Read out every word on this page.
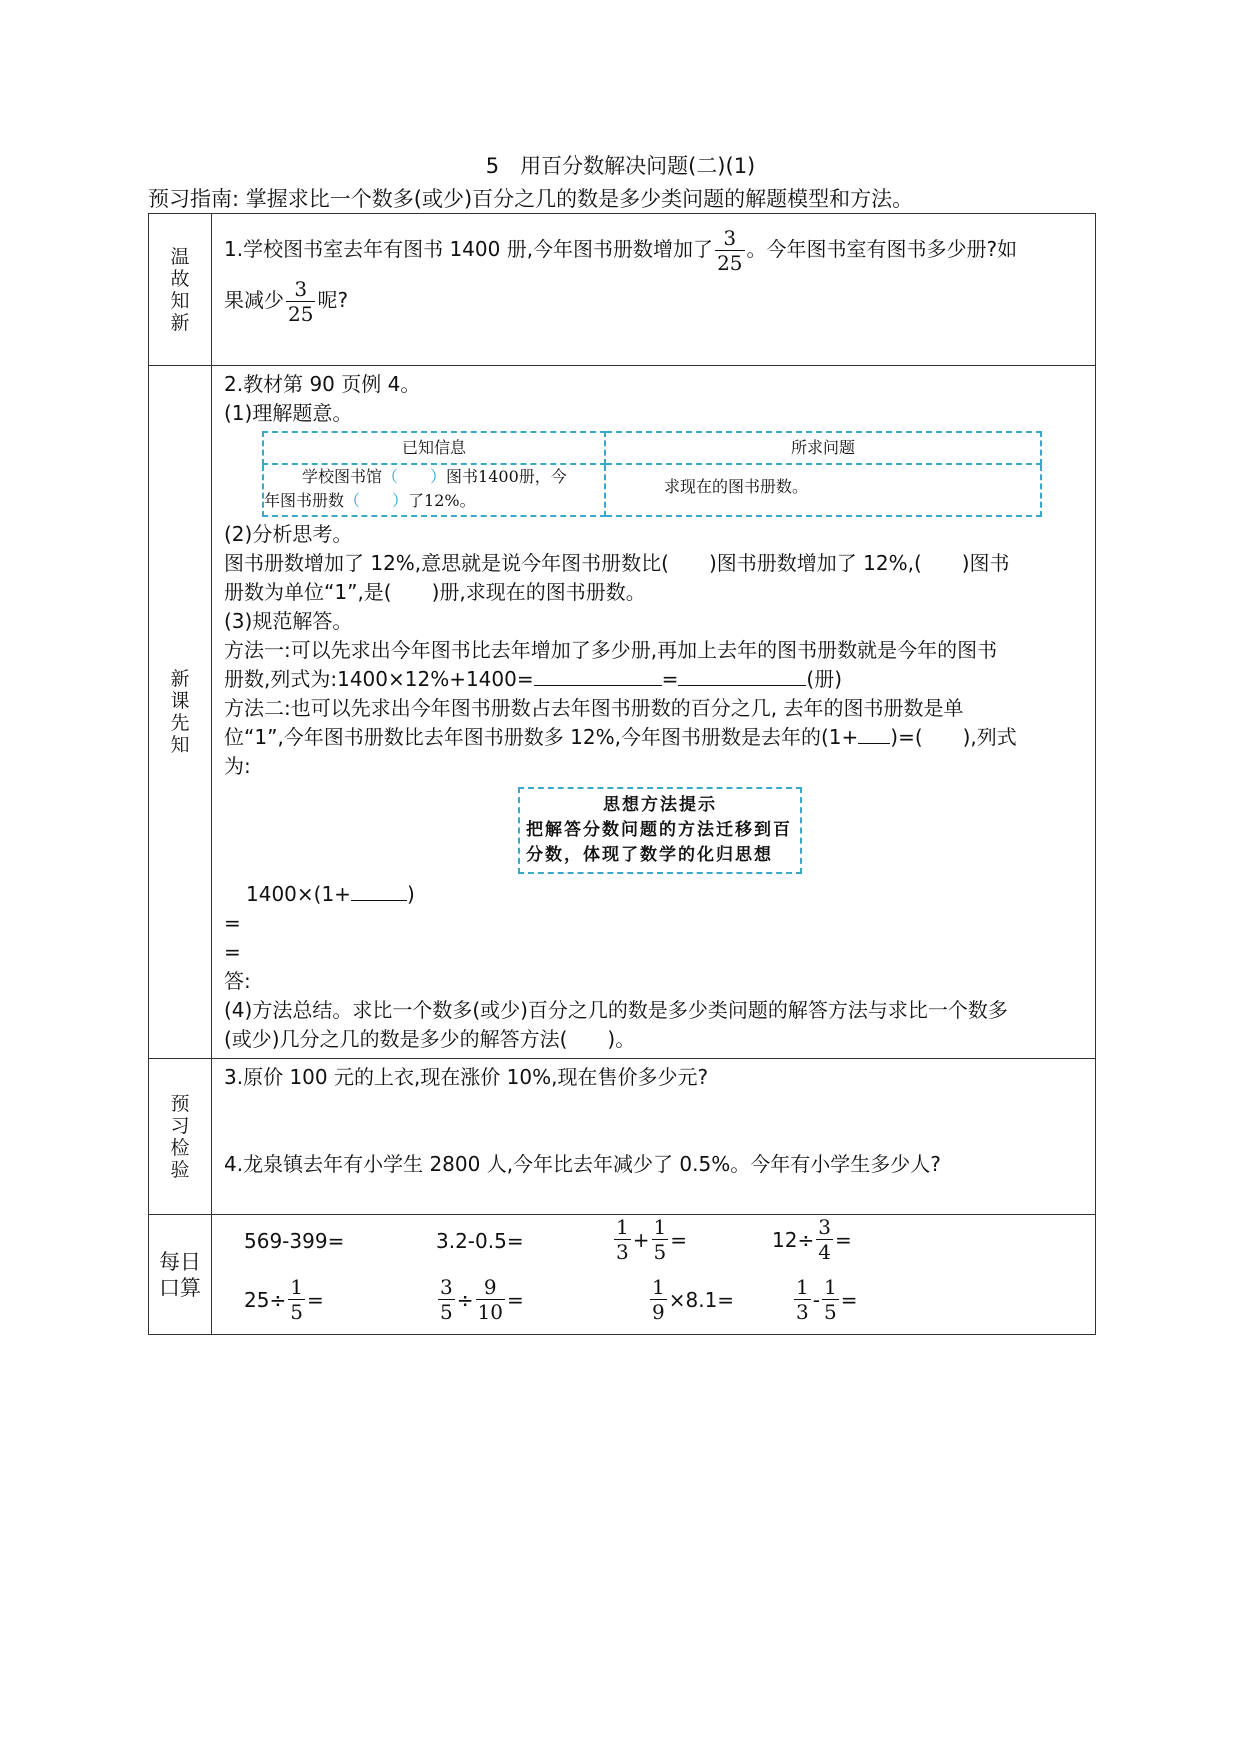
5　用百分数解决问题(二)(1)
预习指南: 掌握求比一个数多(或少)百分之几的数是多少类问题的解题模型和方法。
温故知新	
1.学校图书室去年有图书 1400 册,今年图书册数增加了 $\frac{3}{25}$ 。今年图书室有图书多少册?如
果减少 $\frac{3}{25}$ 呢?

新课先知	
2.教材第 90 页例 4。
(1)理解题意。
已知信息	所求问题
学校图书馆（　　）图书1400册，今
年图书册数（　　）了12%。	求现在的图书册数。
(2)分析思考。
图书册数增加了 12%,意思就是说今年图书册数比(　　)图书册数增加了 12%,(　　)图书
册数为单位“1”,是(　　)册,求现在的图书册数。
(3)规范解答。
方法一:可以先求出今年图书比去年增加了多少册,再加上去年的图书册数就是今年的图书
册数,列式为:1400×12%+1400=	=	(册)
方法二:也可以先求出今年图书册数占去年图书册数的百分之几, 去年的图书册数是单
位“1”,今年图书册数比去年图书册数多 12%,今年图书册数是去年的(1+ )=(　　),列式
为:
思想方法提示
把解答分数问题的方法迁移到百分数，体现了数学的化归思想
1400×(1+	)
=
=
答:
(4)方法总结。求比一个数多(或少)百分之几的数是多少类问题的解答方法与求比一个数多
(或少)几分之几的数是多少的解答方法(　　)。

预习检验	
3.原价 100 元的上衣,现在涨价 10%,现在售价多少元?
4.龙泉镇去年有小学生 2800 人,今年比去年减少了 0.5%。今年有小学生多少人?

每日口算	
569-399=	3.2-0.5=	$\frac{1}{3} + \frac{1}{5}$ =	$12\div \frac{3}{4}$ =
$25\div \frac{1}{5}$ =	$\frac{3}{5} \div \frac{9}{10}$ =	$\frac{1}{9} \times 8.1=$	$\frac{1}{3} - \frac{1}{5}$ =
